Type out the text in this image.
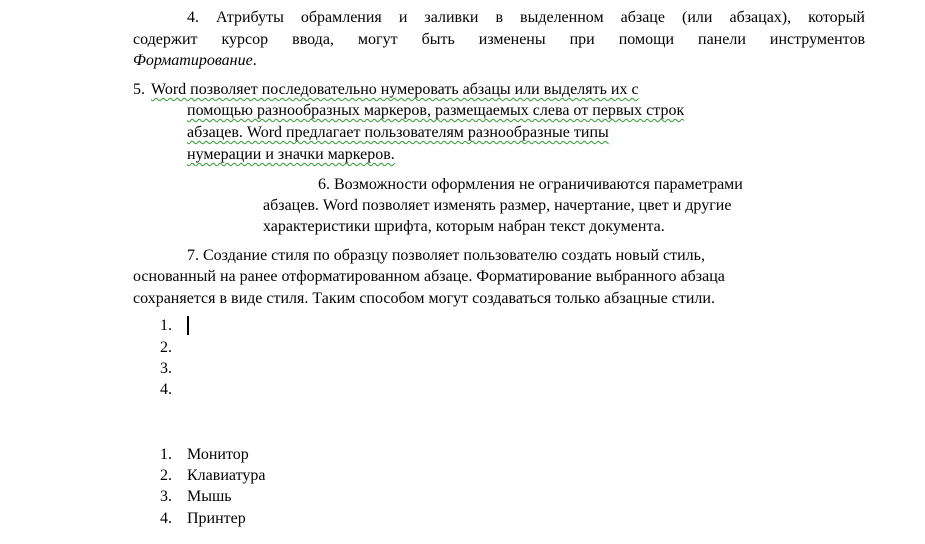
4. Атрибуты обрамления и заливки в выделенном абзаце (или абзацах), который
содержит курсор ввода, могут быть изменены при помощи панели инструментов
Форматирование.
5. Word позволяет последовательно нумеровать абзацы или выделять их с
помощью разнообразных маркеров, размещаемых слева от первых строк
абзацев. Word предлагает пользователям разнообразные типы
нумерации и значки маркеров.
6. Возможности оформления не ограничиваются параметрами
абзацев. Word позволяет изменять размер, начертание, цвет и другие
характеристики шрифта, которым набран текст документа.
7. Создание стиля по образцу позволяет пользователю создать новый стиль,
основанный на ранее отформатированном абзаце. Форматирование выбранного абзаца
сохраняется в виде стиля. Таким способом могут создаваться только абзацные стили.
1.
2.
3.
4.
1. Монитор
2. Клавиатура
3. Мышь
4. Принтер
